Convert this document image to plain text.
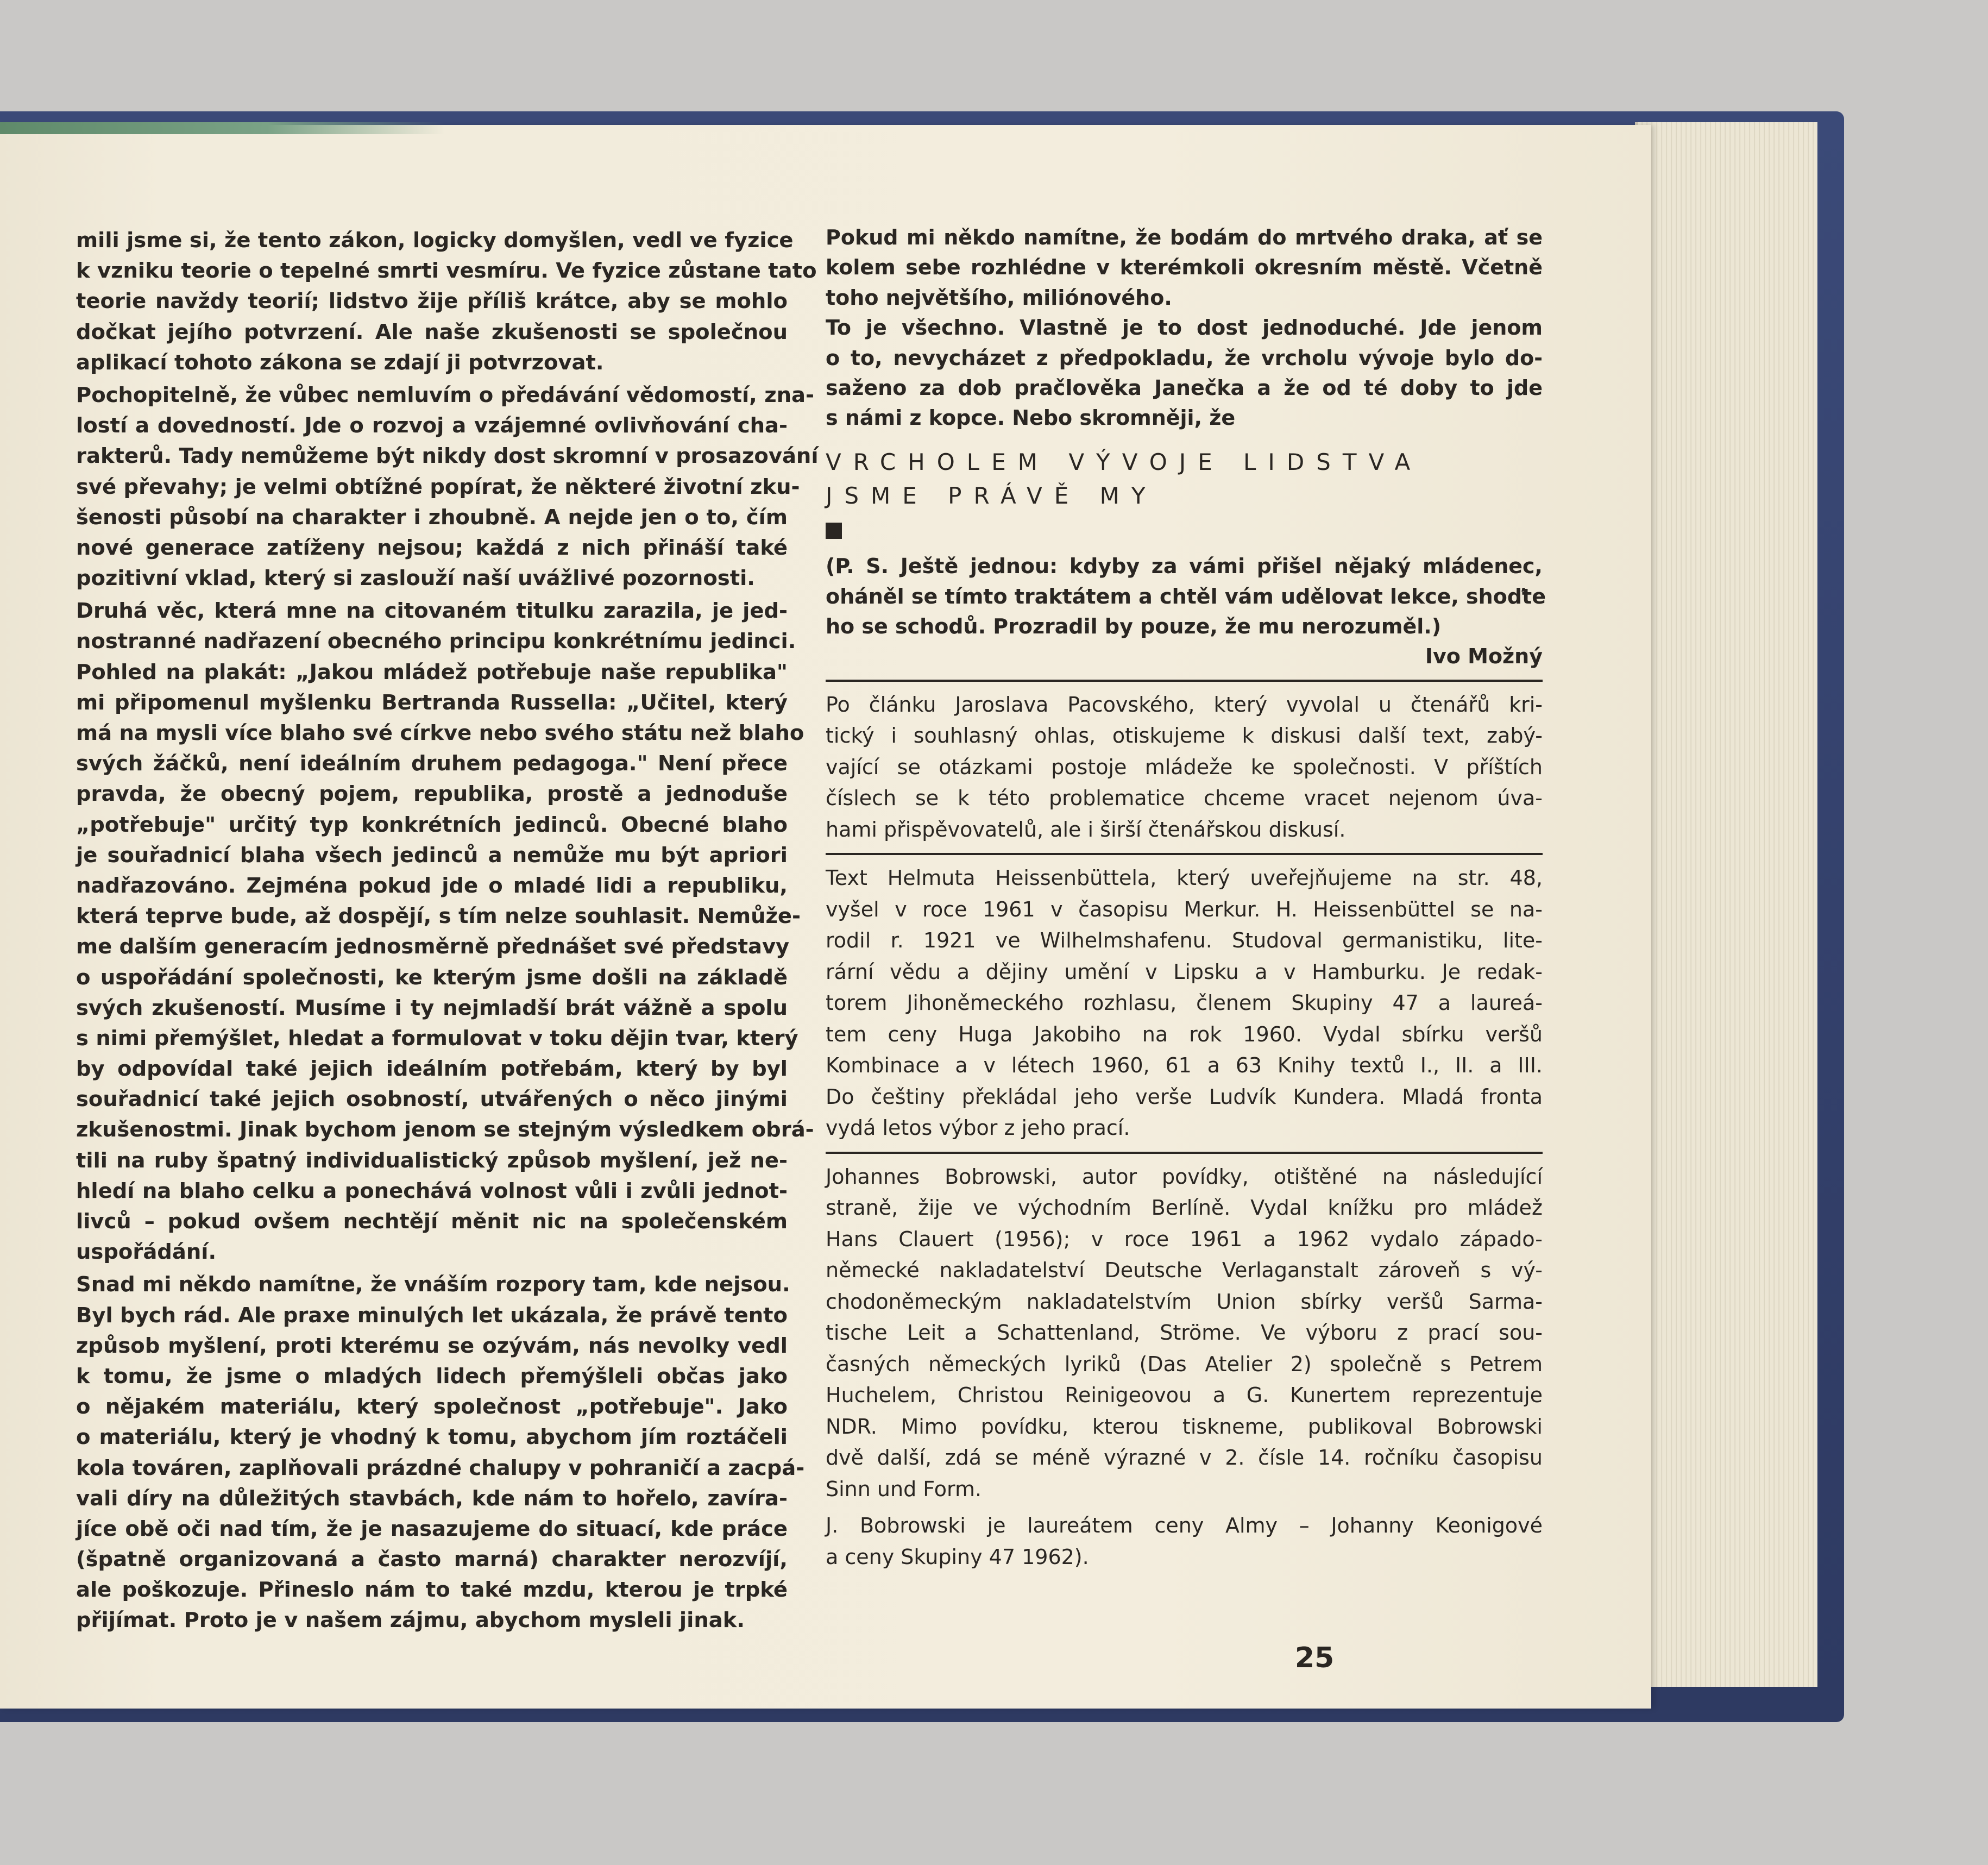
mili jsme si, že tento zákon, logicky domyšlen, vedl ve fyzice
k vzniku teorie o tepelné smrti vesmíru. Ve fyzice zůstane tato
teorie navždy teorií; lidstvo žije příliš krátce, aby se mohlo
dočkat jejího potvrzení. Ale naše zkušenosti se společnou
aplikací tohoto zákona se zdají ji potvrzovat.
Pochopitelně, že vůbec nemluvím o předávání vědomostí, zna-
lostí a dovedností. Jde o rozvoj a vzájemné ovlivňování cha-
rakterů. Tady nemůžeme být nikdy dost skromní v prosazování
své převahy; je velmi obtížné popírat, že některé životní zku-
šenosti působí na charakter i zhoubně. A nejde jen o to, čím
nové generace zatíženy nejsou; každá z nich přináší také
pozitivní vklad, který si zaslouží naší uvážlivé pozornosti.
Druhá věc, která mne na citovaném titulku zarazila, je jed-
nostranné nadřazení obecného principu konkrétnímu jedinci.
Pohled na plakát: „Jakou mládež potřebuje naše republika"
mi připomenul myšlenku Bertranda Russella: „Učitel, který
má na mysli více blaho své církve nebo svého státu než blaho
svých žáčků, není ideálním druhem pedagoga." Není přece
pravda, že obecný pojem, republika, prostě a jednoduše
„potřebuje" určitý typ konkrétních jedinců. Obecné blaho
je souřadnicí blaha všech jedinců a nemůže mu být apriori
nadřazováno. Zejména pokud jde o mladé lidi a republiku,
která teprve bude, až dospějí, s tím nelze souhlasit. Nemůže-
me dalším generacím jednosměrně přednášet své představy
o uspořádání společnosti, ke kterým jsme došli na základě
svých zkušeností. Musíme i ty nejmladší brát vážně a spolu
s nimi přemýšlet, hledat a formulovat v toku dějin tvar, který
by odpovídal také jejich ideálním potřebám, který by byl
souřadnicí také jejich osobností, utvářených o něco jinými
zkušenostmi. Jinak bychom jenom se stejným výsledkem obrá-
tili na ruby špatný individualistický způsob myšlení, jež ne-
hledí na blaho celku a ponechává volnost vůli i zvůli jednot-
livců – pokud ovšem nechtějí měnit nic na společenském
uspořádání.
Snad mi někdo namítne, že vnáším rozpory tam, kde nejsou.
Byl bych rád. Ale praxe minulých let ukázala, že právě tento
způsob myšlení, proti kterému se ozývám, nás nevolky vedl
k tomu, že jsme o mladých lidech přemýšleli občas jako
o nějakém materiálu, který společnost „potřebuje". Jako
o materiálu, který je vhodný k tomu, abychom jím roztáčeli
kola továren, zaplňovali prázdné chalupy v pohraničí a zacpá-
vali díry na důležitých stavbách, kde nám to hořelo, zavíra-
jíce obě oči nad tím, že je nasazujeme do situací, kde práce
(špatně organizovaná a často marná) charakter nerozvíjí,
ale poškozuje. Přineslo nám to také mzdu, kterou je trpké
přijímat. Proto je v našem zájmu, abychom mysleli jinak.
Pokud mi někdo namítne, že bodám do mrtvého draka, ať se
kolem sebe rozhlédne v kterémkoli okresním městě. Včetně
toho největšího, miliónového.
To je všechno. Vlastně je to dost jednoduché. Jde jenom
o to, nevycházet z předpokladu, že vrcholu vývoje bylo do-
saženo za dob pračlověka Janečka a že od té doby to jde
s námi z kopce. Nebo skromněji, že
VRCHOLEM VÝVOJE LIDSTVA
JSME PRÁVĚ MY
(P. S. Ještě jednou: kdyby za vámi přišel nějaký mládenec,
oháněl se tímto traktátem a chtěl vám udělovat lekce, shoďte
ho se schodů. Prozradil by pouze, že mu nerozuměl.)
Ivo Možný
Po článku Jaroslava Pacovského, který vyvolal u čtenářů kri-
tický i souhlasný ohlas, otiskujeme k diskusi další text, zabý-
vající se otázkami postoje mládeže ke společnosti. V příštích
číslech se k této problematice chceme vracet nejenom úva-
hami přispěvovatelů, ale i širší čtenářskou diskusí.
Text Helmuta Heissenbüttela, který uveřejňujeme na str. 48,
vyšel v roce 1961 v časopisu Merkur. H. Heissenbüttel se na-
rodil r. 1921 ve Wilhelmshafenu. Studoval germanistiku, lite-
rární vědu a dějiny umění v Lipsku a v Hamburku. Je redak-
torem Jihoněmeckého rozhlasu, členem Skupiny 47 a laureá-
tem ceny Huga Jakobiho na rok 1960. Vydal sbírku veršů
Kombinace a v létech 1960, 61 a 63 Knihy textů I., II. a III.
Do češtiny překládal jeho verše Ludvík Kundera. Mladá fronta
vydá letos výbor z jeho prací.
Johannes Bobrowski, autor povídky, otištěné na následující
straně, žije ve východním Berlíně. Vydal knížku pro mládež
Hans Clauert (1956); v roce 1961 a 1962 vydalo západo-
německé nakladatelství Deutsche Verlaganstalt zároveň s vý-
chodoněmeckým nakladatelstvím Union sbírky veršů Sarma-
tische Leit a Schattenland, Ströme. Ve výboru z prací sou-
časných německých lyriků (Das Atelier 2) společně s Petrem
Huchelem, Christou Reinigeovou a G. Kunertem reprezentuje
NDR. Mimo povídku, kterou tiskneme, publikoval Bobrowski
dvě další, zdá se méně výrazné v 2. čísle 14. ročníku časopisu
Sinn und Form.
J. Bobrowski je laureátem ceny Almy – Johanny Keonigové
a ceny Skupiny 47 1962).
25
